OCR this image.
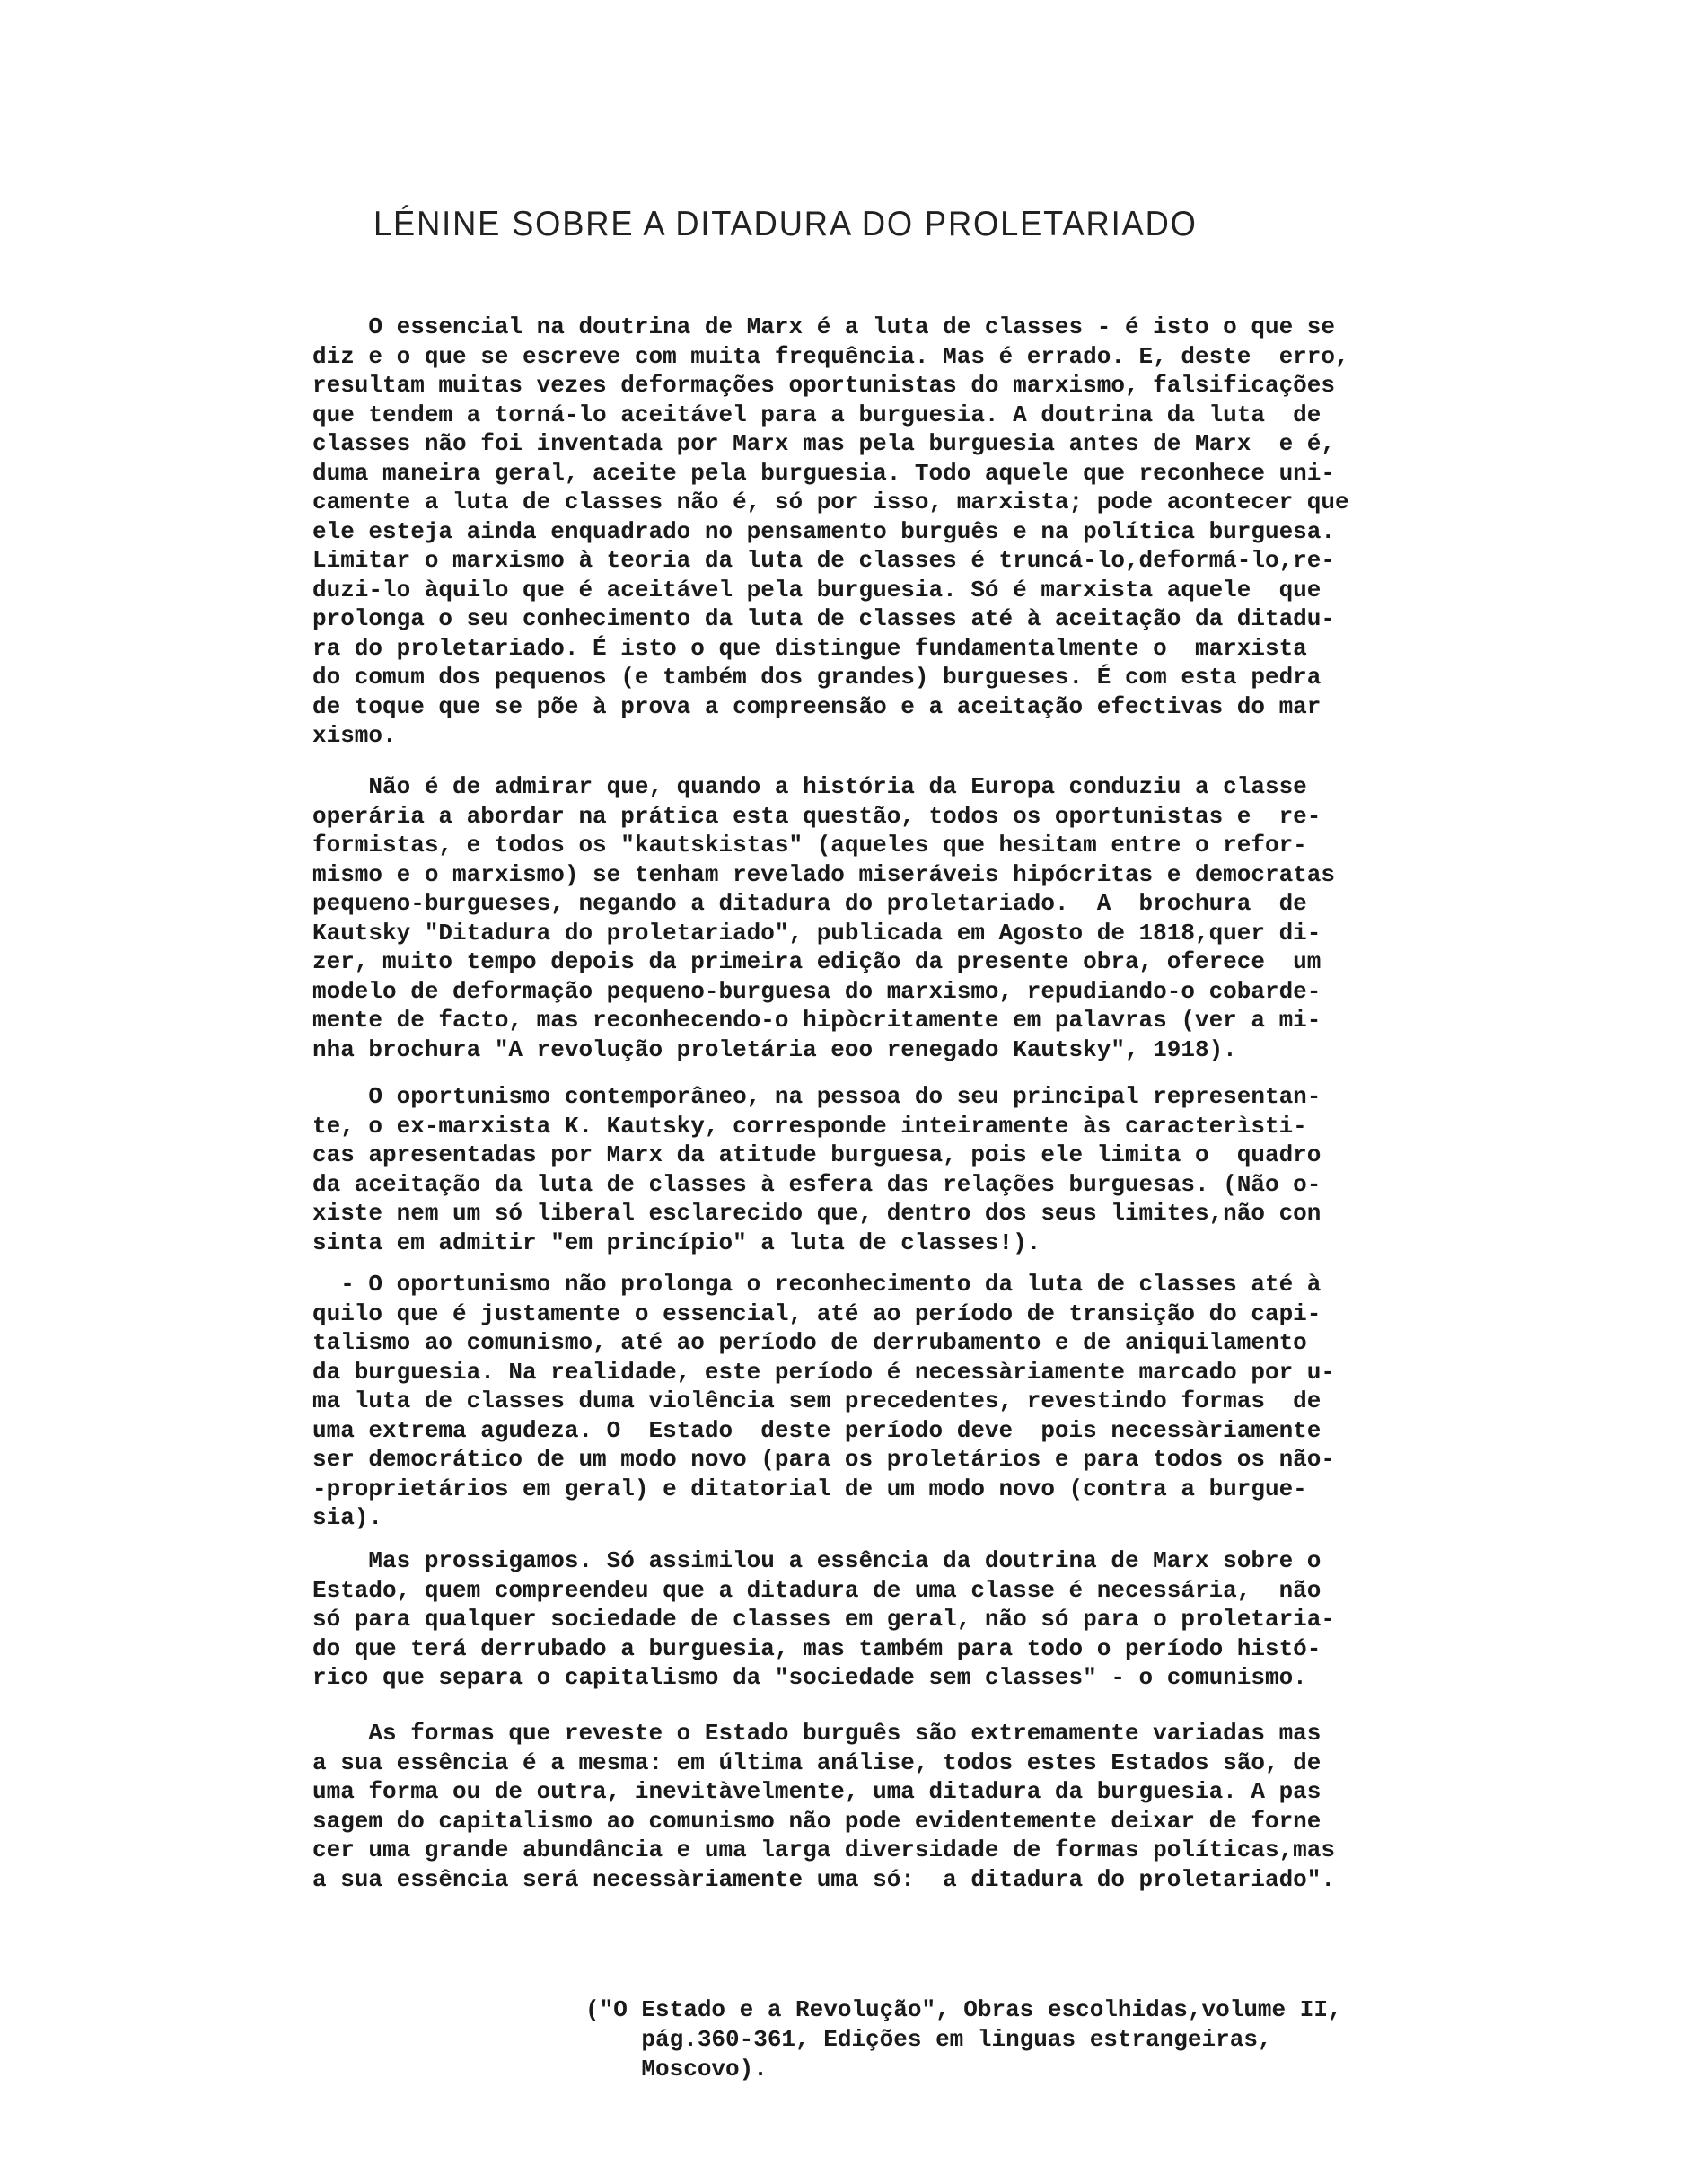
LÉNINE SOBRE A DITADURA DO PROLETARIADO
O essencial na doutrina de Marx é a luta de classes - é isto o que se
diz e o que se escreve com muita frequência. Mas é errado. E, deste  erro,
resultam muitas vezes deformações oportunistas do marxismo, falsificações
que tendem a torná-lo aceitável para a burguesia. A doutrina da luta  de
classes não foi inventada por Marx mas pela burguesia antes de Marx  e é,
duma maneira geral, aceite pela burguesia. Todo aquele que reconhece uni-
camente a luta de classes não é, só por isso, marxista; pode acontecer que
ele esteja ainda enquadrado no pensamento burguês e na política burguesa.
Limitar o marxismo à teoria da luta de classes é truncá-lo,deformá-lo,re-
duzi-lo àquilo que é aceitável pela burguesia. Só é marxista aquele  que
prolonga o seu conhecimento da luta de classes até à aceitação da ditadu-
ra do proletariado. É isto o que distingue fundamentalmente o  marxista
do comum dos pequenos (e também dos grandes) burgueses. É com esta pedra
de toque que se põe à prova a compreensão e a aceitação efectivas do mar
xismo.
Não é de admirar que, quando a história da Europa conduziu a classe
operária a abordar na prática esta questão, todos os oportunistas e  re-
formistas, e todos os "kautskistas" (aqueles que hesitam entre o refor-
mismo e o marxismo) se tenham revelado miseráveis hipócritas e democratas
pequeno-burgueses, negando a ditadura do proletariado.  A  brochura  de
Kautsky "Ditadura do proletariado", publicada em Agosto de 1818,quer di-
zer, muito tempo depois da primeira edição da presente obra, oferece  um
modelo de deformação pequeno-burguesa do marxismo, repudiando-o cobarde-
mente de facto, mas reconhecendo-o hipòcritamente em palavras (ver a mi-
nha brochura "A revolução proletária eoo renegado Kautsky", 1918).
O oportunismo contemporâneo, na pessoa do seu principal representan-
te, o ex-marxista K. Kautsky, corresponde inteiramente às caracterìsti-
cas apresentadas por Marx da atitude burguesa, pois ele limita o  quadro
da aceitação da luta de classes à esfera das relações burguesas. (Não o-
xiste nem um só liberal esclarecido que, dentro dos seus limites,não con
sinta em admitir "em princípio" a luta de classes!).
- O oportunismo não prolonga o reconhecimento da luta de classes até à
quilo que é justamente o essencial, até ao período de transição do capi-
talismo ao comunismo, até ao período de derrubamento e de aniquilamento
da burguesia. Na realidade, este período é necessàriamente marcado por u-
ma luta de classes duma violência sem precedentes, revestindo formas  de
uma extrema agudeza. O  Estado  deste período deve  pois necessàriamente
ser democrático de um modo novo (para os proletários e para todos os não-
-proprietários em geral) e ditatorial de um modo novo (contra a burgue-
sia).
Mas prossigamos. Só assimilou a essência da doutrina de Marx sobre o
Estado, quem compreendeu que a ditadura de uma classe é necessária,  não
só para qualquer sociedade de classes em geral, não só para o proletaria-
do que terá derrubado a burguesia, mas também para todo o período histó-
rico que separa o capitalismo da "sociedade sem classes" - o comunismo.
As formas que reveste o Estado burguês são extremamente variadas mas
a sua essência é a mesma: em última análise, todos estes Estados são, de
uma forma ou de outra, inevitàvelmente, uma ditadura da burguesia. A pas
sagem do capitalismo ao comunismo não pode evidentemente deixar de forne
cer uma grande abundância e uma larga diversidade de formas políticas,mas
a sua essência será necessàriamente uma só:  a ditadura do proletariado".
("O Estado e a Revolução", Obras escolhidas,volume II,
pág.360-361, Edições em linguas estrangeiras,
Moscovo).
